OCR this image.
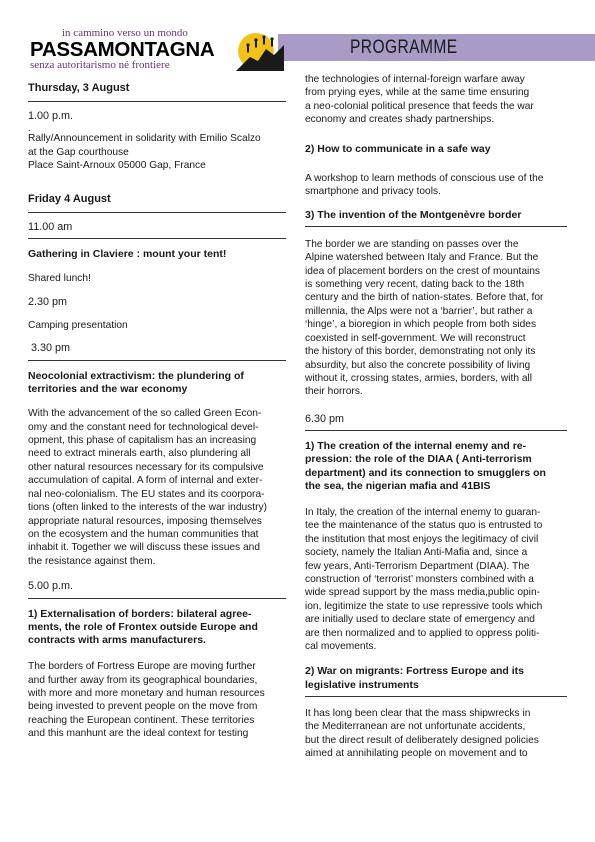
PROGRAMME
in cammino verso un mondo
PASSAMONTAGNA
senza autoritarismo né frontiere

Thursday, 3 August

1.00 p.m.

.

Rally/Announcement in solidarity with Emilio Scalzo

at the Gap courthouse

Place Saint-Arnoux 05000 Gap, France

Friday 4 August

11.00 am

Gathering in Claviere : mount your tent!

Shared lunch!

2.30 pm

Camping presentation

3.30 pm

Neocolonial extractivism: the plundering of

territories and the war economy

With the advancement of the so called Green Econ-

omy and the constant need for technological devel-

opment, this phase of capitalism has an increasing

need to extract minerals earth, also plundering all

other natural resources necessary for its compulsive

accumulation of capital. A form of internal and exter-

nal neo-colonialism. The EU states and its coorpora-

tions (often linked to the interests of the war industry)

appropriate natural resources, imposing themselves

on the ecosystem and the human communities that

inhabit it. Together we will discuss these issues and

the resistance against them.

5.00 p.m.

1) Externalisation of borders: bilateral agree-

ments, the role of Frontex outside Europe and

contracts with arms manufacturers.

The borders of Fortress Europe are moving further

and further away from its geographical boundaries,

with more and more monetary and human resources

being invested to prevent people on the move from

reaching the European continent. These territories

and this manhunt are the ideal context for testing

the technologies of internal-foreign warfare away

from prying eyes, while at the same time ensuring

a neo-colonial political presence that feeds the war

economy and creates shady partnerships.

2) How to communicate in a safe way

A workshop to learn methods of conscious use of the

smartphone and privacy tools.

3) The invention of the Montgenèvre border

The border we are standing on passes over the

Alpine watershed between Italy and France. But the

idea of placement borders on the crest of mountains

is something very recent, dating back to the 18th

century and the birth of nation-states. Before that, for

millennia, the Alps were not a ‘barrier’, but rather a

‘hinge’, a bioregion in which people from both sides

coexisted in self-government. We will reconstruct

the history of this border, demonstrating not only its

absurdity, but also the concrete possibility of living

without it, crossing states, armies, borders, with all

their horrors.

6.30 pm

1) The creation of the internal enemy and re-

pression: the role of the DIAA ( Anti-terrorism

department) and its connection to smugglers on

the sea, the nigerian mafia and 41BIS

In Italy, the creation of the internal enemy to guaran-

tee the maintenance of the status quo is entrusted to

the institution that most enjoys the legitimacy of civil

society, namely the Italian Anti-Mafia and, since a

few years, Anti-Terrorism Department (DIAA). The

construction of ‘terrorist’ monsters combined with a

wide spread support by the mass media,public opin-

ion, legitimize the state to use repressive tools which

are initially used to declare state of emergency and

are then normalized and to applied to oppress politi-

cal movements.

2) War on migrants: Fortress Europe and its

legislative instruments

It has long been clear that the mass shipwrecks in

the Mediterranean are not unfortunate accidents,

but the direct result of deliberately designed policies

aimed at annihilating people on movement and to
